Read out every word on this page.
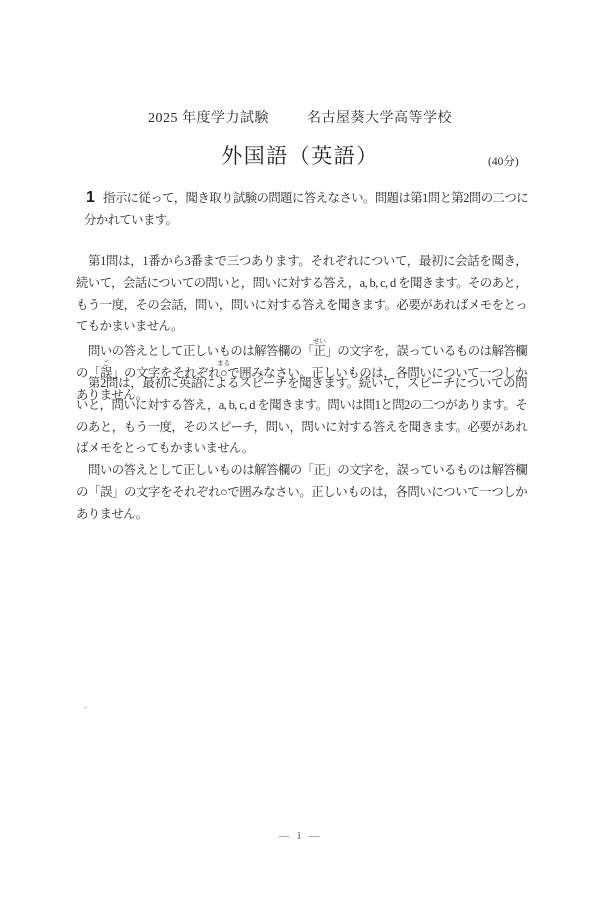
2025 年度学力試験	名古屋葵大学高等学校
外国語（英語）	(40分)
1 指示に従って，聞き取り試験の問題に答えなさい。問題は第1問と第2問の二つに分かれています。

第1問は，1番から3番まで三つあります。それぞれについて，最初に会話を聞き，続いて，会話についての問いと，問いに対する答え，a, b, c, d を聞きます。そのあと，もう一度，その会話，問い，問いに対する答えを聞きます。必要があればメモをとってもかまいません。

問いの答えとして正しいものは解答欄の「正せい」の文字を，誤っているものは解答欄の「誤ご」の文字をそれぞれ○まるで囲みなさい。正しいものは，各問いについて一つしかありません。

第2問は，最初に英語によるスピーチを聞きます。続いて，スピーチについての問いと，問いに対する答え，a, b, c, d を聞きます。問いは問1と問2の二つがあります。そのあと，もう一度，そのスピーチ，問い，問いに対する答えを聞きます。必要があればメモをとってもかまいません。

問いの答えとして正しいものは解答欄の「正」の文字を，誤っているものは解答欄の「誤」の文字をそれぞれ○で囲みなさい。正しいものは，各問いについて一つしかありません。

— 1 —
